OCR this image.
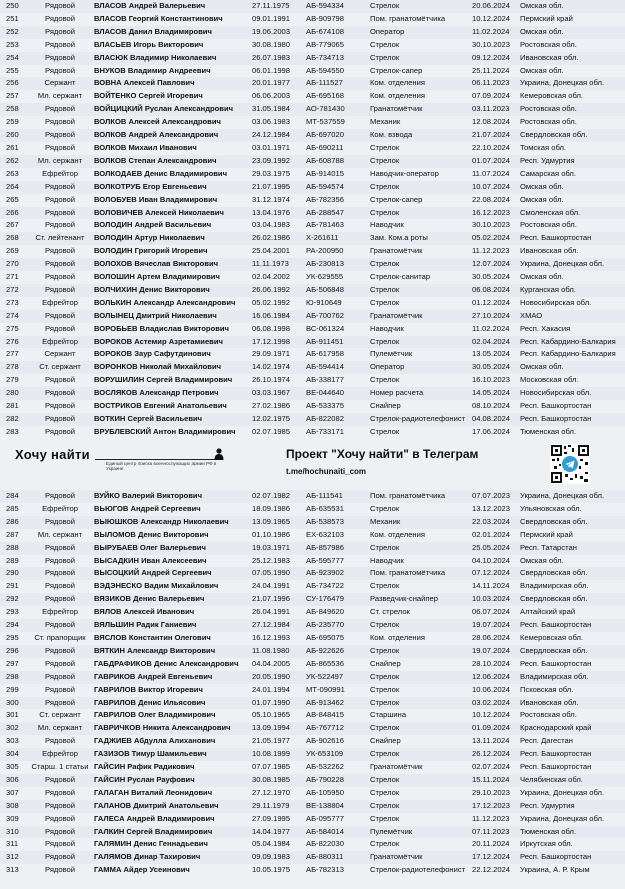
250	Рядовой	ВЛАСОВ Андрей Валерьевич	27.11.1975	АБ-594334	Стрелок	20.06.2024	Омская обл.
251	Рядовой	ВЛАСОВ Георгий Константинович	09.01.1991	АВ-909798	Пом. гранатомётчика	10.12.2024	Пермский край
252	Рядовой	ВЛАСОВ Данил Владимирович	19.06.2003	АБ-674108	Оператор	11.02.2024	Омская обл.
253	Рядовой	ВЛАСЬЕВ Игорь Викторович	30.08.1980	АВ-779065	Стрелок	30.10.2023	Ростовская обл.
254	Рядовой	ВЛАСЮК Владимир Николаевич	26.07.1983	АБ-734713	Стрелок	09.12.2024	Ивановская обл.
255	Рядовой	ВНУКОВ Владимир Андреевич	06.01.1998	АБ-594550	Стрелок-сапер	25.11.2024	Омская обл.
256	Сержант	ВОВНА Алексей Павлович	20.01.1977	АБ-111527	Ком. отделения	06.11.2023	Украина, Донецкая обл.
257	Мл. сержант	ВОЙТЕНКО Сергей Игоревич	06.06.2003	АБ-695168	Ком. отделения	07.09.2024	Кемеровская обл.
258	Рядовой	ВОЙЦИЦКИЙ Руслан Александрович	31.05.1984	АО-781430	Гранатомётчик	03.11.2023	Ростовская обл.
259	Рядовой	ВОЛКОВ Алексей Александрович	03.06.1983	МТ-537559	Механик	12.08.2024	Ростовская обл.
260	Рядовой	ВОЛКОВ Андрей Александрович	24.12.1984	АБ-697020	Ком. взвода	21.07.2024	Свердловская обл.
261	Рядовой	ВОЛКОВ Михаил Иванович	03.01.1971	АБ-690211	Стрелок	22.10.2024	Томская обл.
262	Мл. сержант	ВОЛКОВ Степан Александрович	23.09.1992	АБ-608788	Стрелок	01.07.2024	Респ. Удмуртия
263	Ефрейтор	ВОЛКОДАЕВ Денис Владимирович	29.03.1975	АБ-914015	Наводчик-оператор	11.07.2024	Самарская обл.
264	Рядовой	ВОЛКОТРУБ Егор Евгеньевич	21.07.1995	АБ-594574	Стрелок	10.07.2024	Омская обл.
265	Рядовой	ВОЛОБУЕВ Иван Владимирович	31.12.1974	АБ-782356	Стрелок-сапер	22.08.2024	Омская обл.
266	Рядовой	ВОЛОВИЧЕВ Алексей Николаевич	13.04.1976	АБ-288547	Стрелок	16.12.2023	Смоленская обл.
267	Рядовой	ВОЛОДИН Андрей Васильевич	03.04.1983	АБ-781463	Наводчик	30.10.2023	Ростовская обл.
268	Ст. лейтенант	ВОЛОДИН Артур Николаевич	26.02.1986	Х-261611	Зам. Ком.а роты	05.02.2024	Респ. Башкортостан
269	Рядовой	ВОЛОДИН Григорий Игоревич	25.04.2001	РА-200950	Гранатомётчик	11.12.2023	Ивановская обл.
270	Рядовой	ВОЛОХОВ Вячеслав Викторович	11.11.1973	АБ-230813	Стрелок	12.07.2024	Украина, Донецкая обл.
271	Рядовой	ВОЛОШИН Артем Владимирович	02.04.2002	УК-629555	Стрелок-санитар	30.05.2024	Омская обл.
272	Рядовой	ВОЛЧИХИН Денис Викторович	26.06.1992	АБ-506848	Стрелок	06.08.2024	Курганская обл.
273	Ефрейтор	ВОЛЬКИН Александр Александрович	05.02.1992	Ю-910649	Стрелок	01.12.2024	Новосибирская обл.
274	Рядовой	ВОЛЫНЕЦ Дмитрий Николаевич	16.06.1984	АБ-700762	Гранатомётчик	27.10.2024	ХМАО
275	Рядовой	ВОРОБЬЕВ Владислав Викторович	06.08.1998	ВС-061324	Наводчик	11.02.2024	Респ. Хакасия
276	Ефрейтор	ВОРОКОВ Астемир Азретамиевич	17.12.1998	АБ-911451	Стрелок	02.04.2024	Респ. Кабардино-Балкария
277	Сержант	ВОРОКОВ Заур Сафутдинович	29.09.1971	АБ-617958	Пулемётчик	13.05.2024	Респ. Кабардино-Балкария
278	Ст. сержант	ВОРОНКОВ Николай Михайлович	14.02.1974	АБ-594414	Оператор	30.05.2024	Омская обл.
279	Рядовой	ВОРУШИЛИН Сергей Владимирович	26.10.1974	АБ-338177	Стрелок	16.10.2023	Московская обл.
280	Рядовой	ВОСЛЯКОВ Александр Петрович	03.03.1967	ВЕ-044640	Номер расчета	14.05.2024	Новосибирская обл.
281	Рядовой	ВОСТРИКОВ Евгений Анатольевич	27.02.1986	АБ-533375	Снайпер	08.10.2024	Респ. Башкортостан
282	Рядовой	ВОТКИН Сергей Васильевич	12.02.1975	АБ-822082	Стрелок-радиотелефонист 04.08.2024	Респ. Башкортостан
283	Рядовой	ВРУБЛЕВСКИЙ Антон Владимирович	02.07.1985	АБ-733171	Стрелок	17.06.2024	Тюменская обл.
Хочу найти
Единый центр поиска военнослужащих армии РФ в Украине
Проект "Хочу найти" в Телеграм
t.me/hochunaiti_com
284	Рядовой	ВУЙКО Валерий Викторович	02.07.1982	АБ-111541	Пом. гранатомётчика	07.07.2023	Украина, Донецкая обл.
285	Ефрейтор	ВЬЮГОВ Андрей Сергеевич	18.09.1986	АБ-635531	Стрелок	13.12.2023	Ульяновская обл.
286	Рядовой	ВЫЮШКОВ Александр Николаевич	13.09.1965	АБ-538573	Механик	22.03.2024	Свердловская обл.
287	Мл. сержант	ВЫЛОМОВ Денис Викторович	01.10.1986	ЕХ-632103	Ком. отделения	02.01.2024	Пермский край
288	Рядовой	ВЫРУБАЕВ Олег Валерьевич	19.03.1971	АБ-857986	Стрелок	25.05.2024	Респ. Татарстан
289	Рядовой	ВЫСАДКИН Иван Алексеевич	25.12.1983	АБ-595777	Наводчик	04.10.2024	Омская обл.
290	Рядовой	ВЫСОЦКИЙ Андрей Сергеевич	07.05.1990	АБ-923902	Пом. гранатомётчика	07.12.2024	Свердловская обл.
291	Рядовой	ВЭДЭНЕСКО Вадим Михайлович	24.04.1991	АБ-734722	Стрелок	14.11.2024	Владимирская обл.
292	Рядовой	ВЯЗИКОВ Денис Валерьевич	21.07.1996	СУ-176479	Разведчик-снайпер	10.03.2024	Свердловская обл.
293	Ефрейтор	ВЯЛОВ Алексей Иванович	26.04.1991	АБ-849620	Ст. стрелок	06.07.2024	Алтайский край
294	Рядовой	ВЯЛЬШИН Радик Ганиевич	27.12.1984	АБ-235770	Стрелок	19.07.2024	Респ. Башкортостан
295	Ст. прапорщик	ВЯСЛОВ Константин Олегович	16.12.1993	АБ-695075	Ком. отделения	28.06.2024	Кемеровская обл.
296	Рядовой	ВЯТКИН Александр Викторович	11.08.1980	АБ-922626	Стрелок	19.07.2024	Свердловская обл.
297	Рядовой	ГАБДРАФИКОВ Денис Александрович	04.04.2005	АБ-865536	Снайпер	28.10.2024	Респ. Башкортостан
298	Рядовой	ГАВРИКОВ Андрей Евгеньевич	20.05.1990	УК-522497	Стрелок	12.06.2024	Владимирская обл.
299	Рядовой	ГАВРИЛОВ Виктор Игоревич	24.01.1994	МТ-090991	Стрелок	10.06.2024	Псковская обл.
300	Рядовой	ГАВРИЛОВ Денис Ильясович	01.07.1990	АБ-913462	Стрелок	03.02.2024	Ивановская обл.
301	Ст. сержант	ГАВРИЛОВ Олег Владимирович	05.10.1965	АВ-848415	Старшина	10.12.2024	Ростовская обл.
302	Мл. сержант	ГАВРИЧКОВ Никита Александрович	13.09.1994	АБ-767712	Стрелок	01.09.2024	Краснодарский край
303	Рядовой	ГАДЖИЕВ Абдулла Алиханович	21.05.1977	АБ-902616	Снайпер	13.11.2024	Респ. Дагестан
304	Ефрейтор	ГАЗИЗОВ Тимур Шамильевич	10.08.1999	УК-653109	Стрелок	26.12.2024	Респ. Башкортостан
305	Старш. 1 статьи ГАЙСИН Рафик Радикович	07.07.1985	АБ-532262	Гранатомётчик	02.07.2024	Респ. Башкортостан
306	Рядовой	ГАЙСИН Руслан Рауфович	30.08.1985	АБ-790228	Стрелок	15.11.2024	Челябинская обл.
307	Рядовой	ГАЛАГАН Виталий Леонидович	27.12.1970	АБ-105950	Стрелок	29.10.2023	Украина, Донецкая обл.
308	Рядовой	ГАЛАНОВ Дмитрий Анатольевич	29.11.1979	ВЕ-138804	Стрелок	17.12.2023	Респ. Удмуртия
309	Рядовой	ГАЛЕСА Андрей Владимирович	27.09.1995	АБ-095777	Стрелок	11.12.2023	Украина, Донецкая обл.
310	Рядовой	ГАЛКИН Сергей Владимирович	14.04.1977	АБ-584014	Пулемётчик	07.11.2023	Тюменская обл.
311	Рядовой	ГАЛЯМИН Денис Геннадьевич	05.04.1984	АБ-822030	Стрелок	20.11.2024	Иркутская обл.
312	Рядовой	ГАЛЯМОВ Динар Тахирович	09.09.1983	АБ-880311	Гранатомётчик	17.12.2024	Респ. Башкортостан
313	Рядовой	ГАММА Айдер Усеинович	10.05.1975	АБ-782313	Стрелок-радиотелефонист 22.12.2024	Украина, А. Р. Крым
